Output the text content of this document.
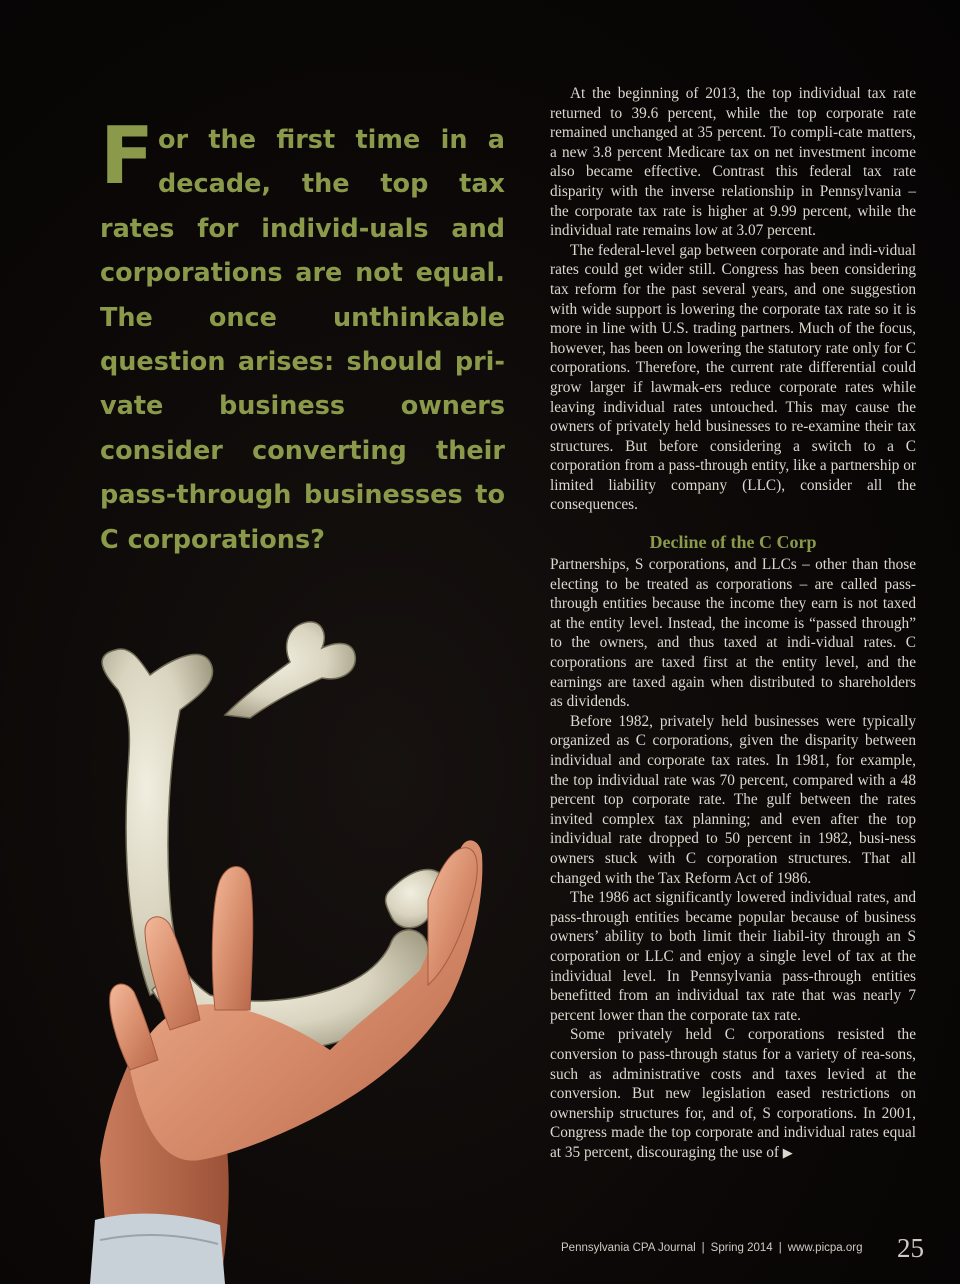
For the first time in a decade, the top tax rates for individ-uals and corporations are not equal. The once unthinkable question arises: should pri-vate business owners consider converting their pass-through businesses to C corporations?

At the beginning of 2013, the top individual tax rate returned to 39.6 percent, while the top corporate rate remained unchanged at 35 percent. To compli-cate matters, a new 3.8 percent Medicare tax on net investment income also became effective. Contrast this federal tax rate disparity with the inverse relationship in Pennsylvania – the corporate tax rate is higher at 9.99 percent, while the individual rate remains low at 3.07 percent.

The federal-level gap between corporate and indi-vidual rates could get wider still. Congress has been considering tax reform for the past several years, and one suggestion with wide support is lowering the corporate tax rate so it is more in line with U.S. trading partners. Much of the focus, however, has been on lowering the statutory rate only for C corporations. Therefore, the current rate differential could grow larger if lawmak-ers reduce corporate rates while leaving individual rates untouched. This may cause the owners of privately held businesses to re-examine their tax structures. But before considering a switch to a C corporation from a pass-through entity, like a partnership or limited liability company (LLC), consider all the consequences.

Decline of the C Corp

Partnerships, S corporations, and LLCs – other than those electing to be treated as corporations – are called pass-through entities because the income they earn is not taxed at the entity level. Instead, the income is “passed through” to the owners, and thus taxed at indi-vidual rates. C corporations are taxed first at the entity level, and the earnings are taxed again when distributed to shareholders as dividends.

Before 1982, privately held businesses were typically organized as C corporations, given the disparity between individual and corporate tax rates. In 1981, for example, the top individual rate was 70 percent, compared with a 48 percent top corporate rate. The gulf between the rates invited complex tax planning; and even after the top individual rate dropped to 50 percent in 1982, busi-ness owners stuck with C corporation structures. That all changed with the Tax Reform Act of 1986.

The 1986 act significantly lowered individual rates, and pass-through entities became popular because of business owners’ ability to both limit their liabil-ity through an S corporation or LLC and enjoy a single level of tax at the individual level. In Pennsylvania pass-through entities benefitted from an individual tax rate that was nearly 7 percent lower than the corporate tax rate.

Some privately held C corporations resisted the conversion to pass-through status for a variety of rea-sons, such as administrative costs and taxes levied at the conversion. But new legislation eased restrictions on ownership structures for, and of, S corporations. In 2001, Congress made the top corporate and individual rates equal at 35 percent, discouraging the use of ▶

Pennsylvania CPA Journal | Spring 2014 | www.picpa.org 25
